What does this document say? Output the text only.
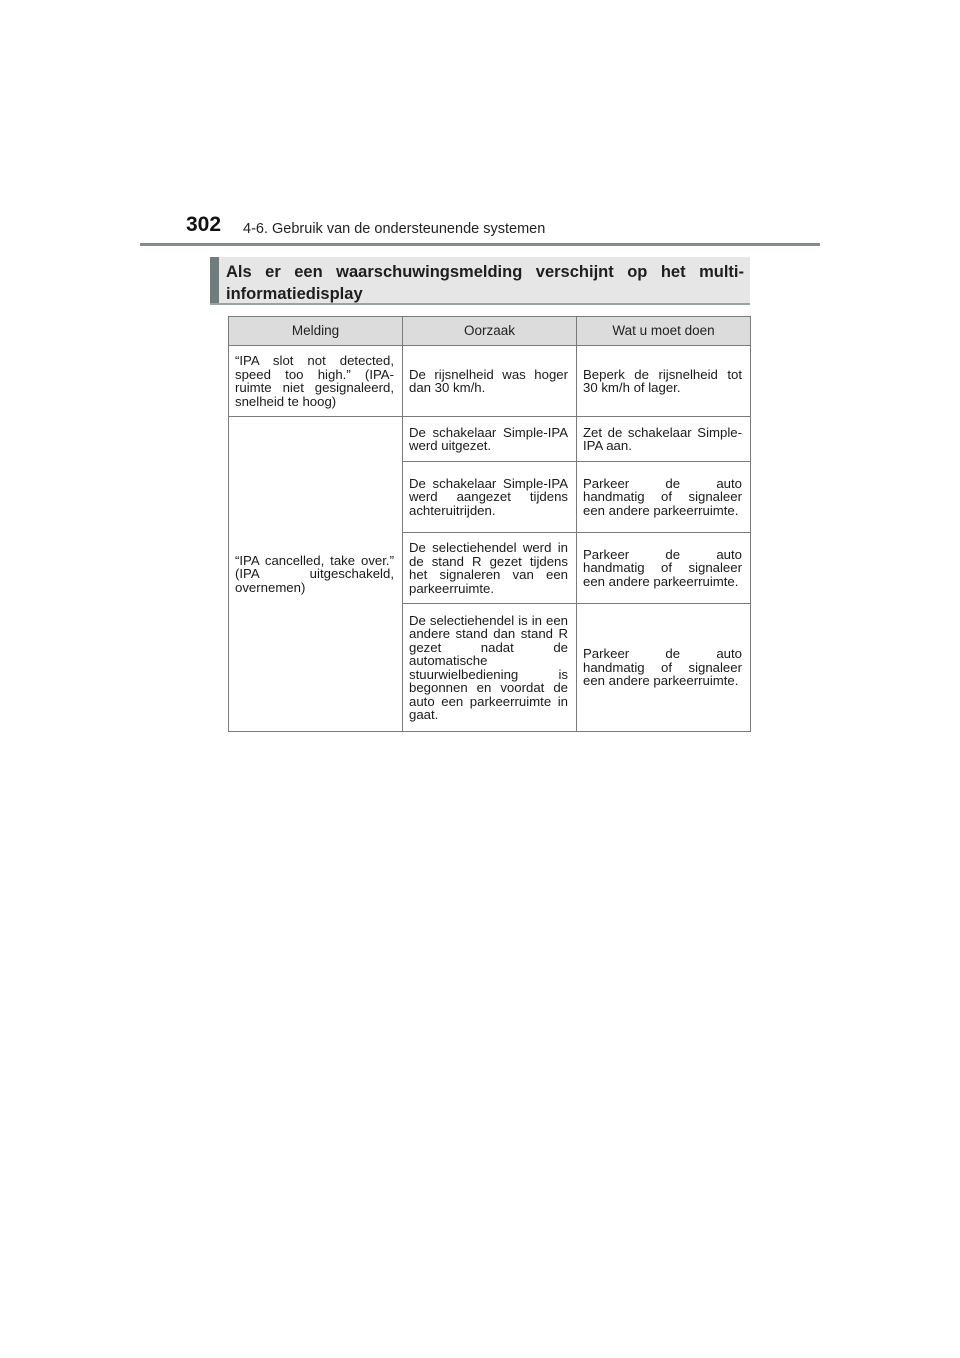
302 4-6. Gebruik van de ondersteunende systemen
Als er een waarschuwingsmelding verschijnt op het multi-informatiedisplay
Melding	Oorzaak	Wat u moet doen
“IPA slot not detected, speed too high.” (IPA-ruimte niet gesignaleerd, snelheid te hoog)	De rijsnelheid was hoger dan 30 km/h.	Beperk de rijsnelheid tot 30 km/h of lager.
“IPA cancelled, take over.” (IPA uitgeschakeld, overnemen)	De schakelaar Simple-IPA werd uitgezet.	Zet de schakelaar Simple-IPA aan.
	De schakelaar Simple-IPA werd aangezet tijdens achteruitrijden.	Parkeer de auto handmatig of signaleer een andere parkeerruimte.
	De selectiehendel werd in de stand R gezet tijdens het signaleren van een parkeerruimte.	Parkeer de auto handmatig of signaleer een andere parkeerruimte.
	De selectiehendel is in een andere stand dan stand R gezet nadat de automatische stuurwielbediening is begonnen en voordat de auto een parkeerruimte in gaat.	Parkeer de auto handmatig of signaleer een andere parkeerruimte.
